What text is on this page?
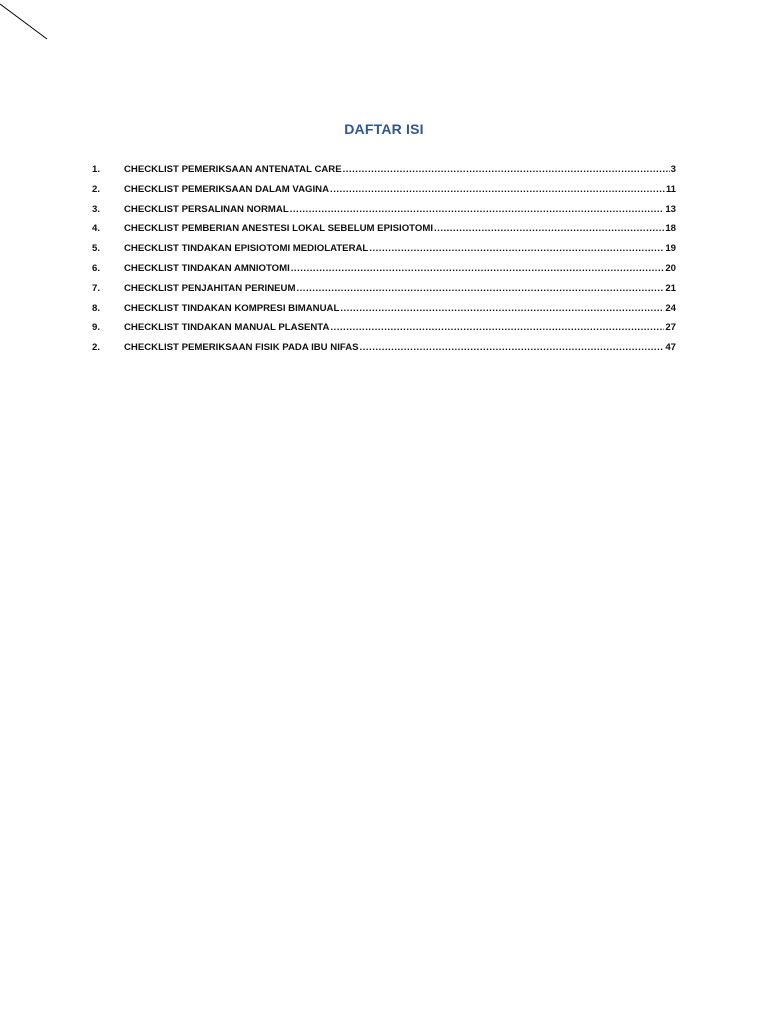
DAFTAR ISI
1.	CHECKLIST PEMERIKSAAN ANTENATAL CARE .....	3
2.	CHECKLIST PEMERIKSAAN DALAM VAGINA .....	11
3.	CHECKLIST PERSALINAN NORMAL .....	13
4.	CHECKLIST PEMBERIAN ANESTESI LOKAL SEBELUM EPISIOTOMI .....	18
5.	CHECKLIST TINDAKAN EPISIOTOMI MEDIOLATERAL .....	19
6.	CHECKLIST TINDAKAN AMNIOTOMI .....	20
7.	CHECKLIST PENJAHITAN PERINEUM .....	21
8.	CHECKLIST TINDAKAN KOMPRESI BIMANUAL .....	24
9.	CHECKLIST TINDAKAN MANUAL PLASENTA .....	27
2.	CHECKLIST PEMERIKSAAN FISIK PADA IBU NIFAS .....	47
